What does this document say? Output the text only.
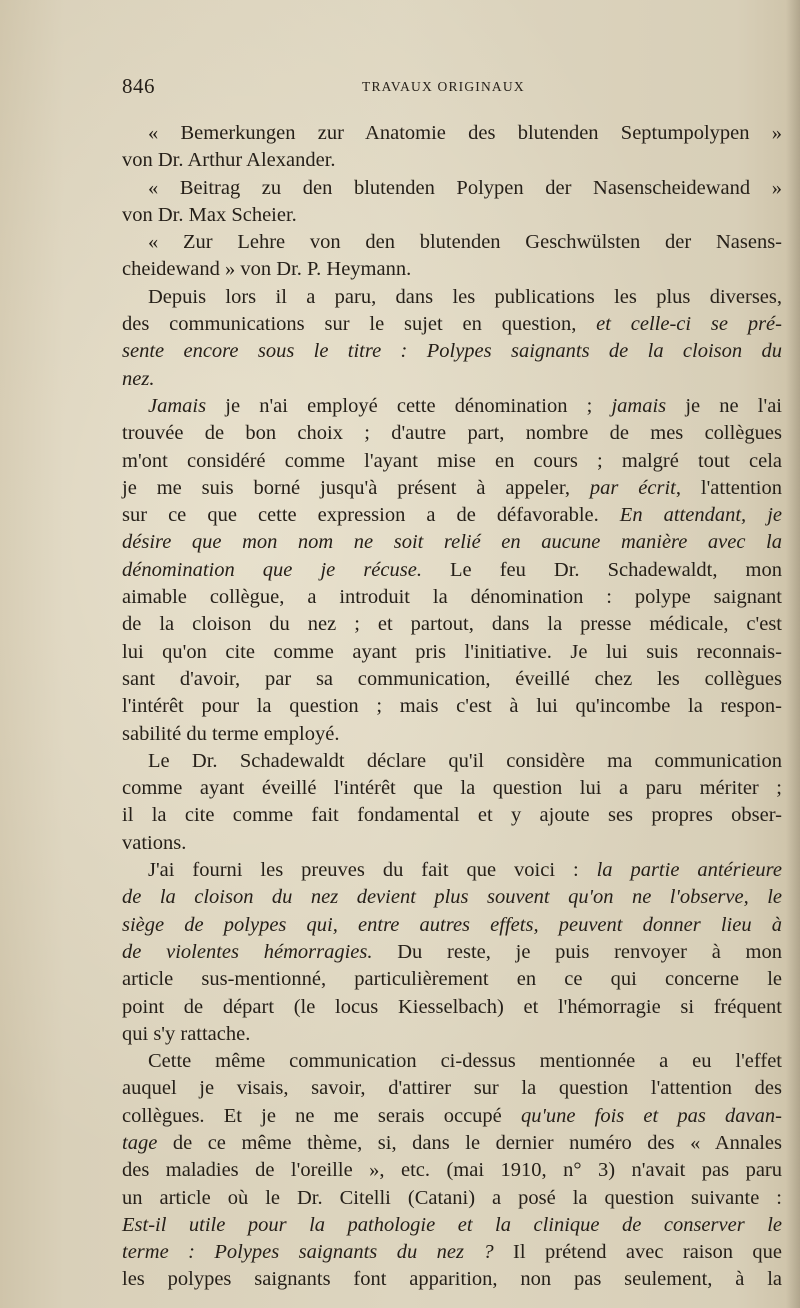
846	TRAVAUX ORIGINAUX
« Bemerkungen zur Anatomie des blutenden Septumpolypen »
von Dr. Arthur Alexander.
« Beitrag zu den blutenden Polypen der Nasenscheidewand »
von Dr. Max Scheier.
« Zur Lehre von den blutenden Geschwülsten der Nasens-
cheidewand » von Dr. P. Heymann.
Depuis lors il a paru, dans les publications les plus diverses,
des communications sur le sujet en question, et celle-ci se pré-
sente encore sous le titre : Polypes saignants de la cloison du
nez.
Jamais je n'ai employé cette dénomination ; jamais je ne l'ai
trouvée de bon choix ; d'autre part, nombre de mes collègues
m'ont considéré comme l'ayant mise en cours ; malgré tout cela
je me suis borné jusqu'à présent à appeler, par écrit, l'attention
sur ce que cette expression a de défavorable. En attendant, je
désire que mon nom ne soit relié en aucune manière avec la
dénomination que je récuse. Le feu Dr. Schadewaldt, mon
aimable collègue, a introduit la dénomination : polype saignant
de la cloison du nez ; et partout, dans la presse médicale, c'est
lui qu'on cite comme ayant pris l'initiative. Je lui suis reconnais-
sant d'avoir, par sa communication, éveillé chez les collègues
l'intérêt pour la question ; mais c'est à lui qu'incombe la respon-
sabilité du terme employé.
Le Dr. Schadewaldt déclare qu'il considère ma communication
comme ayant éveillé l'intérêt que la question lui a paru mériter ;
il la cite comme fait fondamental et y ajoute ses propres obser-
vations.
J'ai fourni les preuves du fait que voici : la partie antérieure
de la cloison du nez devient plus souvent qu'on ne l'observe, le
siège de polypes qui, entre autres effets, peuvent donner lieu à
de violentes hémorragies. Du reste, je puis renvoyer à mon
article sus-mentionné, particulièrement en ce qui concerne le
point de départ (le locus Kiesselbach) et l'hémorragie si fréquent
qui s'y rattache.
Cette même communication ci-dessus mentionnée a eu l'effet
auquel je visais, savoir, d'attirer sur la question l'attention des
collègues. Et je ne me serais occupé qu'une fois et pas davan-
tage de ce même thème, si, dans le dernier numéro des « Annales
des maladies de l'oreille », etc. (mai 1910, n° 3) n'avait pas paru
un article où le Dr. Citelli (Catani) a posé la question suivante :
Est-il utile pour la pathologie et la clinique de conserver le
terme : Polypes saignants du nez ? Il prétend avec raison que
les polypes saignants font apparition, non pas seulement, à la
